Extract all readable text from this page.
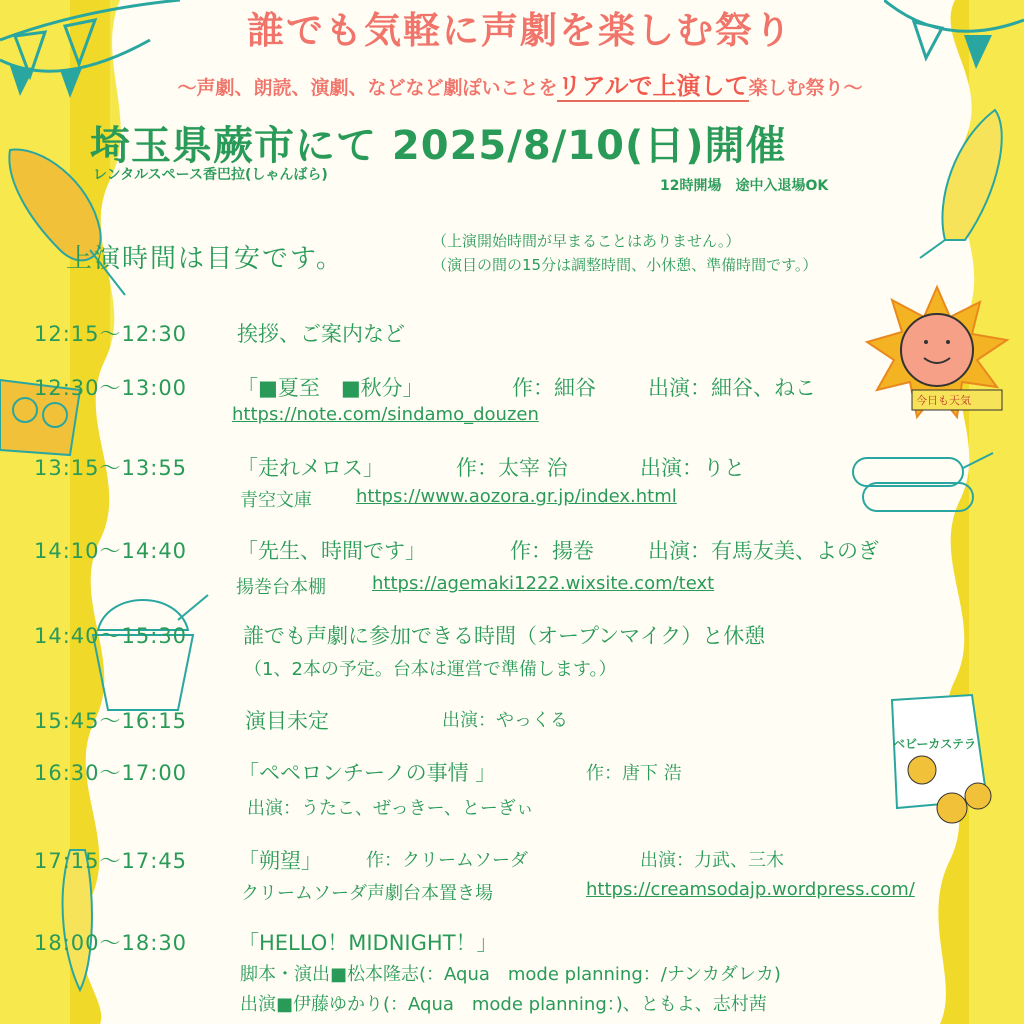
今日も天気
ベビーカステラ
誰でも気軽に声劇を楽しむ祭り
〜声劇、朗読、演劇、などなど劇ぽいことをリアルで上演して楽しむ祭り〜
埼玉県蕨市にて 2025/8/10(日)開催
レンタルスペース香巴拉(しゃんばら)
12時開場　途中入退場OK
上演時間は目安です。
（上演開始時間が早まることはありません。）
（演目の間の15分は調整時間、小休憩、準備時間です。）
12:15〜12:30 挨拶、ご案内など
12:30〜13:00 「■夏至　■秋分」	作：細谷 出演：細谷、ねこ
https://note.com/sindamo_douzen
13:15〜13:55 「走れメロス」	作：太宰 治	出演：りと
青空文庫 https://www.aozora.gr.jp/index.html
14:10〜14:40 「先生、時間です」	作：揚巻	出演：有馬友美、よのぎ
揚巻台本棚	https://agemaki1222.wixsite.com/text
14:40〜15:30	誰でも声劇に参加できる時間（オープンマイク）と休憩
（1、2本の予定。台本は運営で準備します。）
15:45〜16:15	演目未定	出演：やっくる
16:30〜17:00 「ペペロンチーノの事情 」	作：唐下 浩
出演：うたこ、ぜっきー、とーぎぃ
17:15〜17:45 「朔望」 作：クリームソーダ	出演：力武、三木
クリームソーダ声劇台本置き場	https://creamsodajp.wordpress.com/
18:00〜18:30 「HELLO！MIDNIGHT！」
脚本・演出■松本隆志(：Aqua　mode planning：/ナンカダレカ)
出演■伊藤ゆかり(：Aqua　mode planning：)、ともよ、志村茜
